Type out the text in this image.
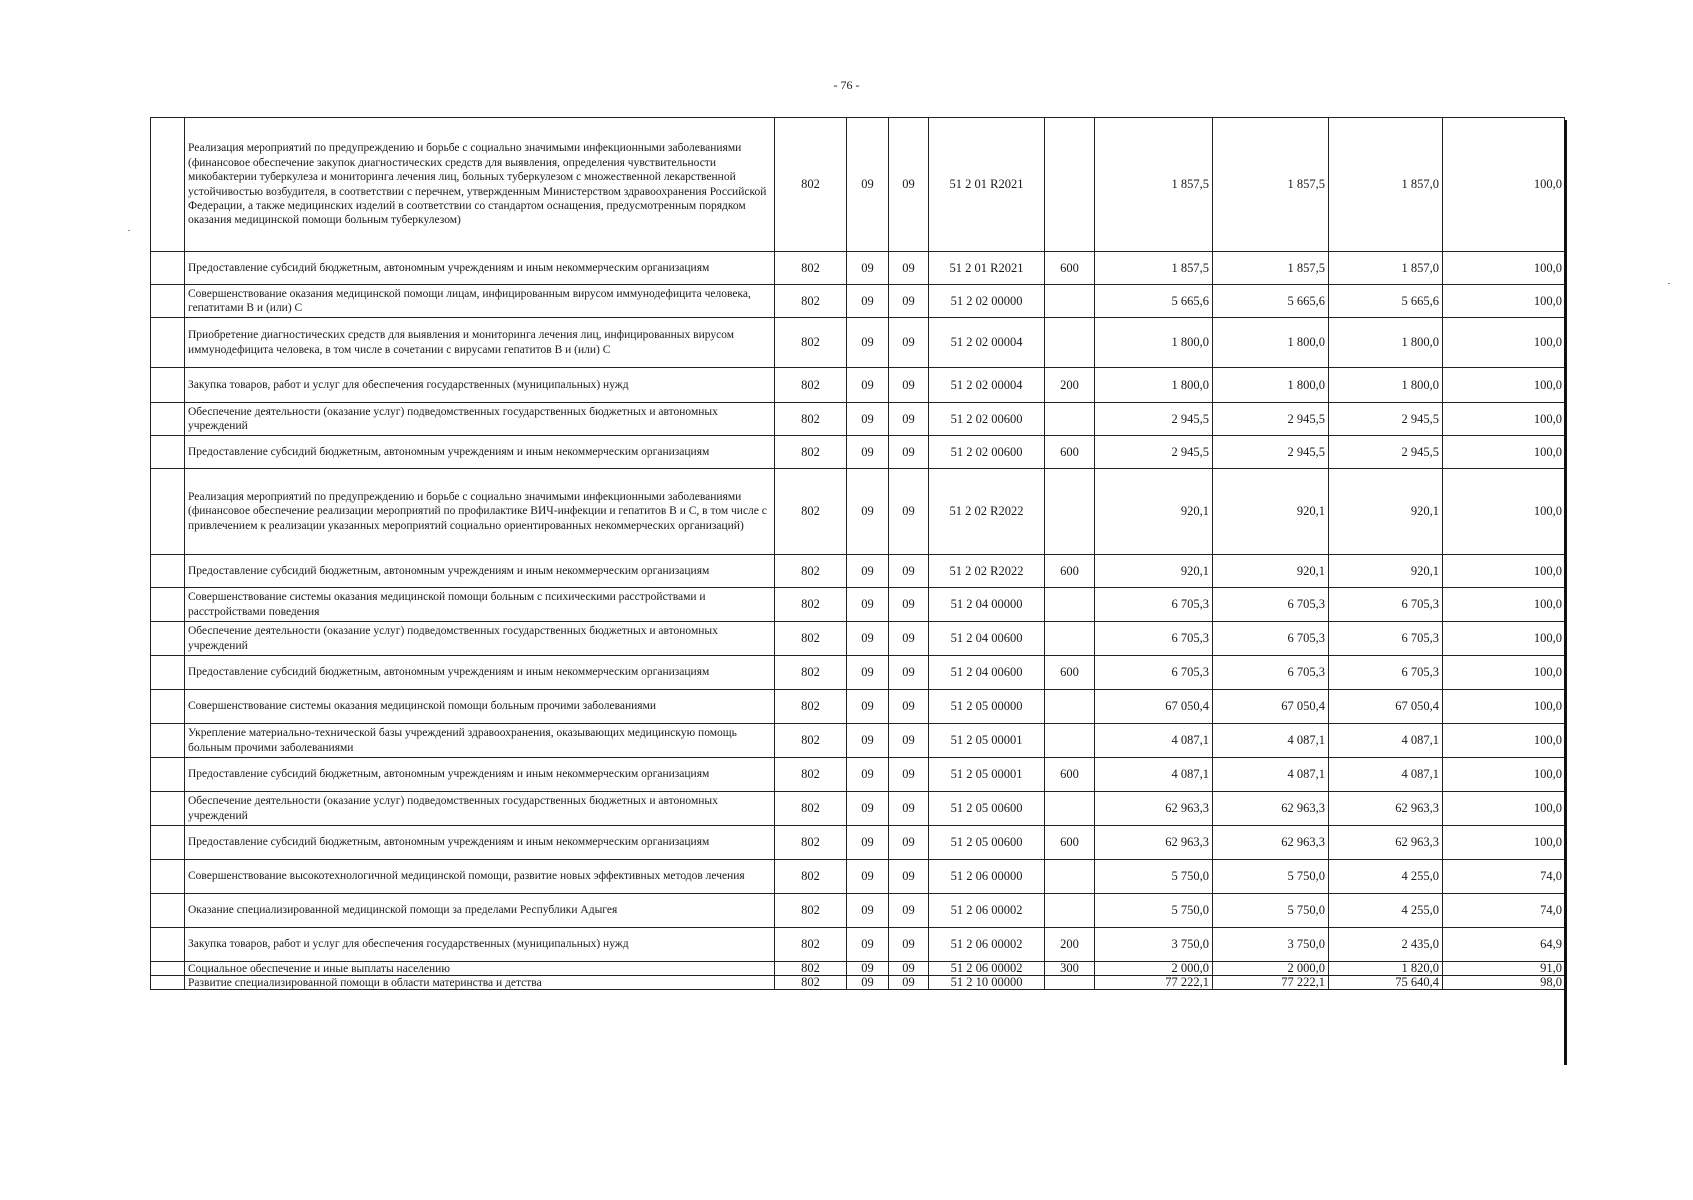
- 76 -
	Реализация мероприятий по предупреждению и борьбе с социально значимыми инфекционными заболеваниями (финансовое обеспечение закупок диагностических средств для выявления, определения чувствительности микобактерии туберкулеза и мониторинга лечения лиц, больных туберкулезом с множественной лекарственной устойчивостью возбудителя, в соответствии с перечнем, утвержденным Министерством здравоохранения Российской Федерации, а также медицинских изделий в соответствии со стандартом оснащения, предусмотренным порядком оказания медицинской помощи больным туберкулезом)	802	09	09	51 2 01 R2021		1 857,5	1 857,5	1 857,0	100,0
	Предоставление субсидий бюджетным, автономным учреждениям и иным некоммерческим организациям	802	09	09	51 2 01 R2021	600	1 857,5	1 857,5	1 857,0	100,0
	Совершенствование оказания медицинской помощи лицам, инфицированным вирусом иммунодефицита человека, гепатитами В и (или) С	802	09	09	51 2 02 00000		5 665,6	5 665,6	5 665,6	100,0
	Приобретение диагностических средств для выявления и мониторинга лечения лиц, инфицированных вирусом иммунодефицита человека, в том числе в сочетании с вирусами гепатитов В и (или) С	802	09	09	51 2 02 00004		1 800,0	1 800,0	1 800,0	100,0
	Закупка товаров, работ и услуг для обеспечения государственных (муниципальных) нужд	802	09	09	51 2 02 00004	200	1 800,0	1 800,0	1 800,0	100,0
	Обеспечение деятельности (оказание услуг) подведомственных государственных бюджетных и автономных учреждений	802	09	09	51 2 02 00600		2 945,5	2 945,5	2 945,5	100,0
	Предоставление субсидий бюджетным, автономным учреждениям и иным некоммерческим организациям	802	09	09	51 2 02 00600	600	2 945,5	2 945,5	2 945,5	100,0
	Реализация мероприятий по предупреждению и борьбе с социально значимыми инфекционными заболеваниями (финансовое обеспечение реализации мероприятий по профилактике ВИЧ-инфекции и гепатитов В и С, в том числе с привлечением к реализации указанных мероприятий социально ориентированных некоммерческих организаций)	802	09	09	51 2 02 R2022		920,1	920,1	920,1	100,0
	Предоставление субсидий бюджетным, автономным учреждениям и иным некоммерческим организациям	802	09	09	51 2 02 R2022	600	920,1	920,1	920,1	100,0
	Совершенствование системы оказания медицинской помощи больным с психическими расстройствами и расстройствами поведения	802	09	09	51 2 04 00000		6 705,3	6 705,3	6 705,3	100,0
	Обеспечение деятельности (оказание услуг) подведомственных государственных бюджетных и автономных учреждений	802	09	09	51 2 04 00600		6 705,3	6 705,3	6 705,3	100,0
	Предоставление субсидий бюджетным, автономным учреждениям и иным некоммерческим организациям	802	09	09	51 2 04 00600	600	6 705,3	6 705,3	6 705,3	100,0
	Совершенствование системы оказания медицинской помощи больным прочими заболеваниями	802	09	09	51 2 05 00000		67 050,4	67 050,4	67 050,4	100,0
	Укрепление материально-технической базы учреждений здравоохранения, оказывающих медицинскую помощь больным прочими заболеваниями	802	09	09	51 2 05 00001		4 087,1	4 087,1	4 087,1	100,0
	Предоставление субсидий бюджетным, автономным учреждениям и иным некоммерческим организациям	802	09	09	51 2 05 00001	600	4 087,1	4 087,1	4 087,1	100,0
	Обеспечение деятельности (оказание услуг) подведомственных государственных бюджетных и автономных учреждений	802	09	09	51 2 05 00600		62 963,3	62 963,3	62 963,3	100,0
	Предоставление субсидий бюджетным, автономным учреждениям и иным некоммерческим организациям	802	09	09	51 2 05 00600	600	62 963,3	62 963,3	62 963,3	100,0
	Совершенствование высокотехнологичной медицинской помощи, развитие новых эффективных методов лечения	802	09	09	51 2 06 00000		5 750,0	5 750,0	4 255,0	74,0
	Оказание специализированной медицинской помощи за пределами Республики Адыгея	802	09	09	51 2 06 00002		5 750,0	5 750,0	4 255,0	74,0
	Закупка товаров, работ и услуг для обеспечения государственных (муниципальных) нужд	802	09	09	51 2 06 00002	200	3 750,0	3 750,0	2 435,0	64,9
	Социальное обеспечение и иные выплаты населению	802	09	09	51 2 06 00002	300	2 000,0	2 000,0	1 820,0	91,0
	Развитие специализированной помощи в области материнства и детства	802	09	09	51 2 10 00000		77 222,1	77 222,1	75 640,4	98,0
